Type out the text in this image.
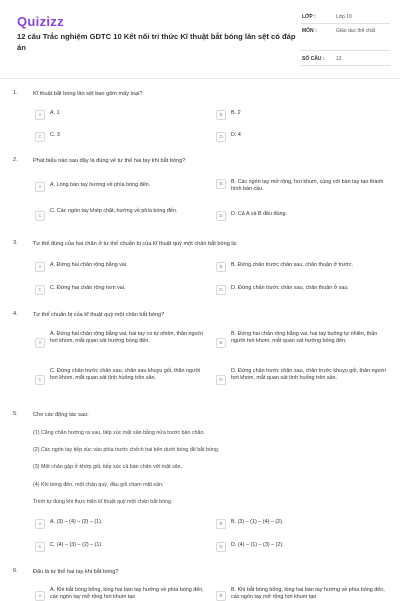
Quizizz
12 câu Trắc nghiệm GDTC 10 Kết nối tri thức Kĩ thuật bắt bóng lăn sệt có đáp án
LỚP :	Lớp 10
MÔN :	Giáo dục thể chất
SỐ CÂU : 12
1.	Kĩ thuật bắt bóng lăn sệt bao gồm mấy loại?
A	A. 1	B	B. 2
C	C. 3	D	D. 4
2.	Phát biểu nào sau đây là đúng về tư thế hai tay khi bắt bóng?
A	A. Lòng bàn tay hướng về phía bóng đến.	B	B. Các ngón tay mở rộng, hơi khum, cùng với bàn tay tạo thành hình bán cầu.
C
C. Các ngón tay khép chặt, hướng về phía bóng đến.
D	D. Cả A và B đều đúng.
3.	Tư thế đúng của hai chân ở tư thế chuẩn bị của kĩ thuật quỳ một chân bắt bóng là:
A	A. Đứng hai chân rộng bằng vai.	B	B. Đứng chân trước chân sau, chân thuận ở trước.
C	C. Đứng hai chân rộng hơn vai.	D	D. Đứng chân trước chân sau, chân thuận ở sau.
4.	Tư thế chuẩn bị của kĩ thuật quỳ một chân bắt bóng?
A
A. Đứng hai chân rộng bằng vai, hai tay co tự nhiên, thân người hơi khom, mắt quan sát hướng bóng đến.	B
B. Đứng hai chân rộng bằng vai, hai tay buông tự nhiên, thân người hơi khom, mắt quan sát hướng bóng đến.
C
C. Đứng chân trước chân sau, chân sau khuỵu gối, thân người hơi khom, mắt quan sát tình huống trên sân.	D
D. Đứng chân trước chân sau, chân trước khuỵu gối, thân người hơi khom, mắt quan sát tình huống trên sân.
5.	Cho các động tác sau:
(1) Cẳng chân hướng ra sau, tiếp xúc mặt sân bằng nửa trước bàn chân.
(2) Các ngón tay tiếp xúc vào phía trước chếch hai bên dưới bóng để bắt bóng.
(3) Một chân gập ở khớp gối, tiếp xúc cả bàn chân với mặt sân.
(4) Khi bóng đến, một chân quỳ, đầu gối chạm mặt sân.
Trình tự đúng khi thực hiện kĩ thuật quỳ một chân bắt bóng.
A	A. (3) – (4) – (2) – (1).	B	B. (3) – (1) – (4) – (2).
C	C. (4) – (3) – (2) – (1).	D	D. (4) – (1) – (3) – (2).
6.	Đâu là tư thế hai tay khi bắt bóng?
A
A. Khi bắt bóng bổng, lòng hai bàn tay hướng về phía bóng đến, các ngón tay mở rộng hơi khum tạo	B
B. Khi bắt bóng bổng, lòng hai bàn tay hướng về phía bóng đến, các ngón tay mở rộng hơi khum tạo
